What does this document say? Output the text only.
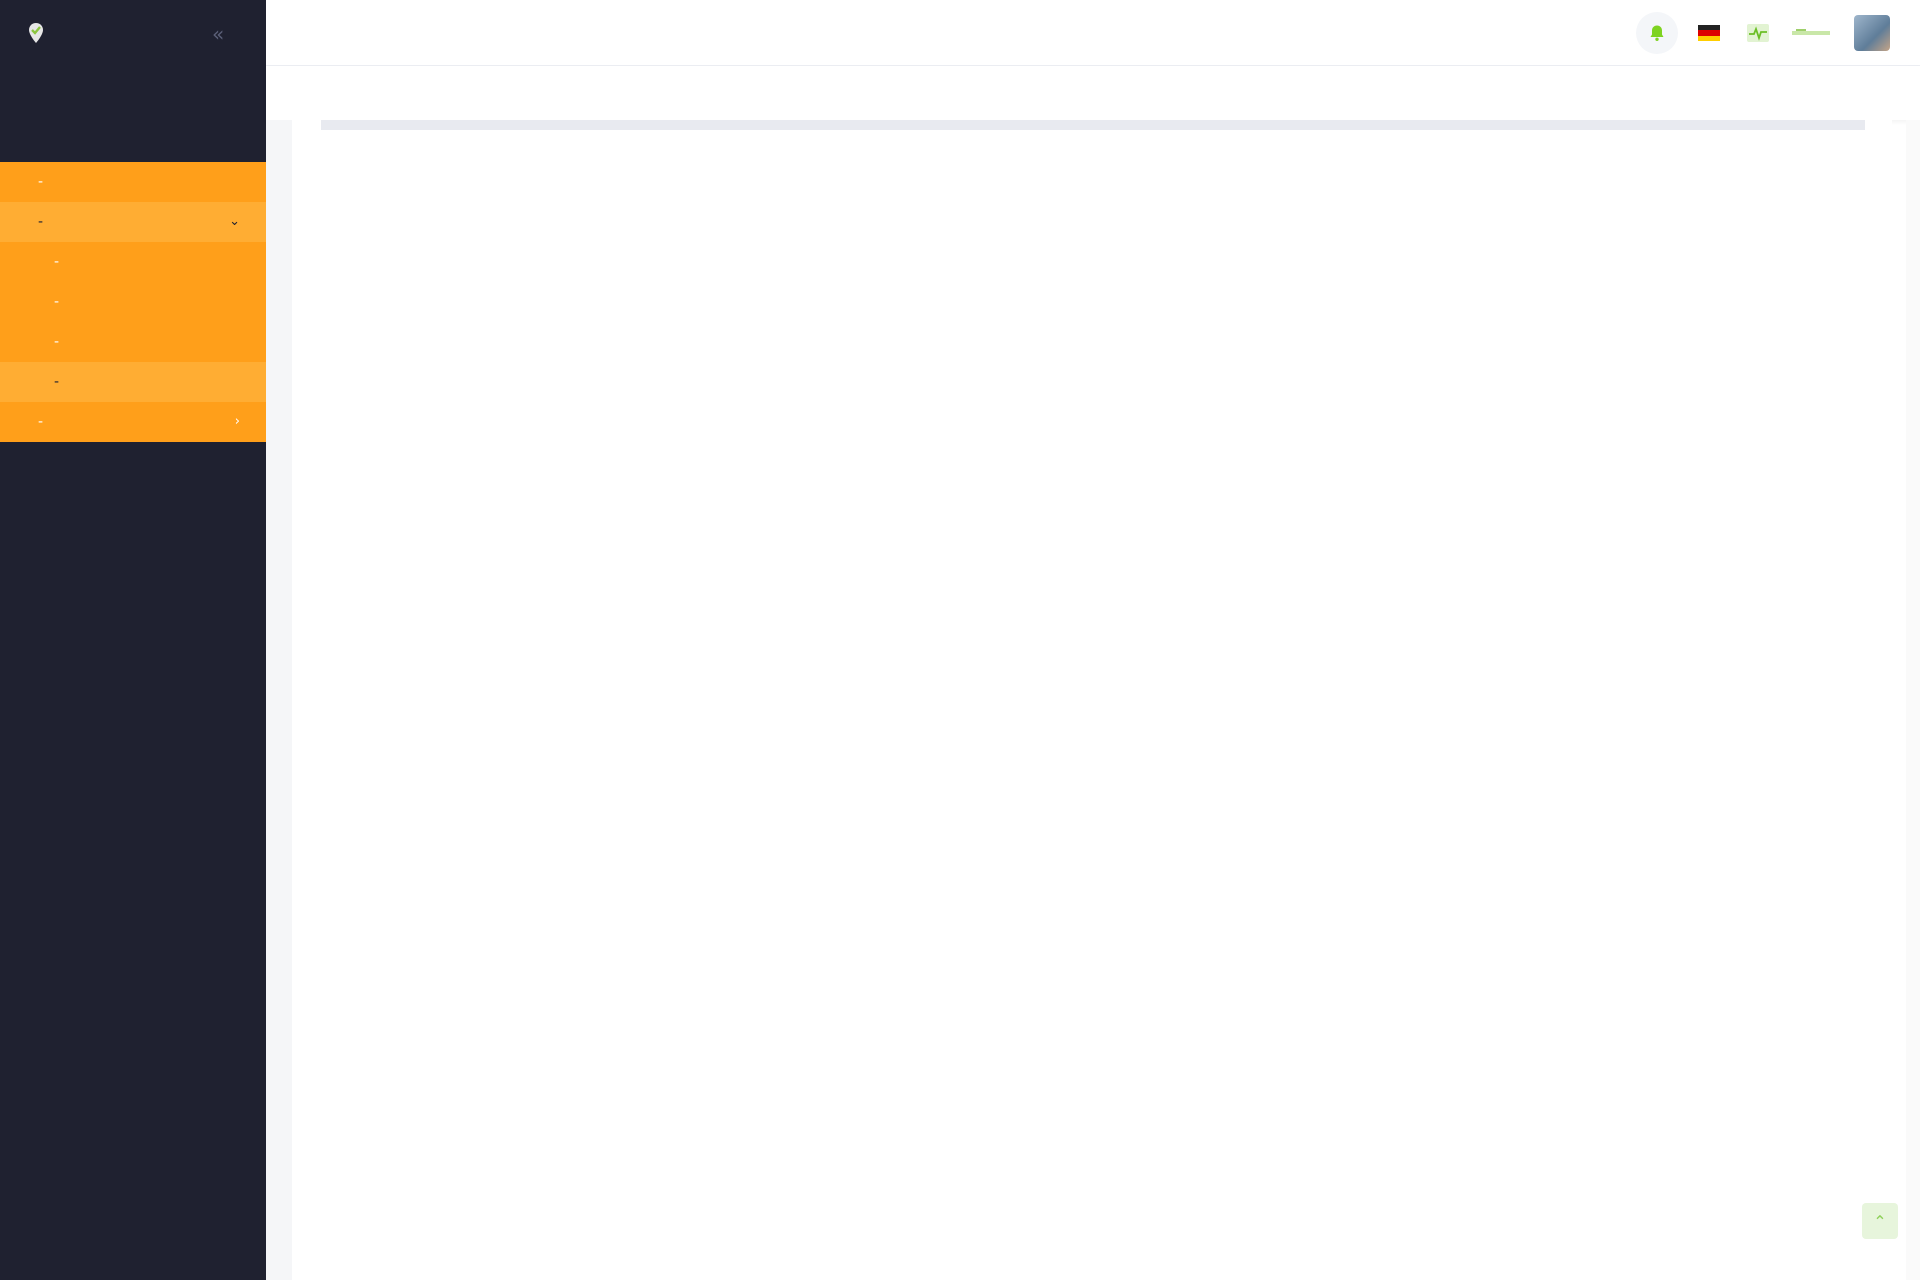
«
-
-	⌄
-
-
-
-
-	›
⌃
